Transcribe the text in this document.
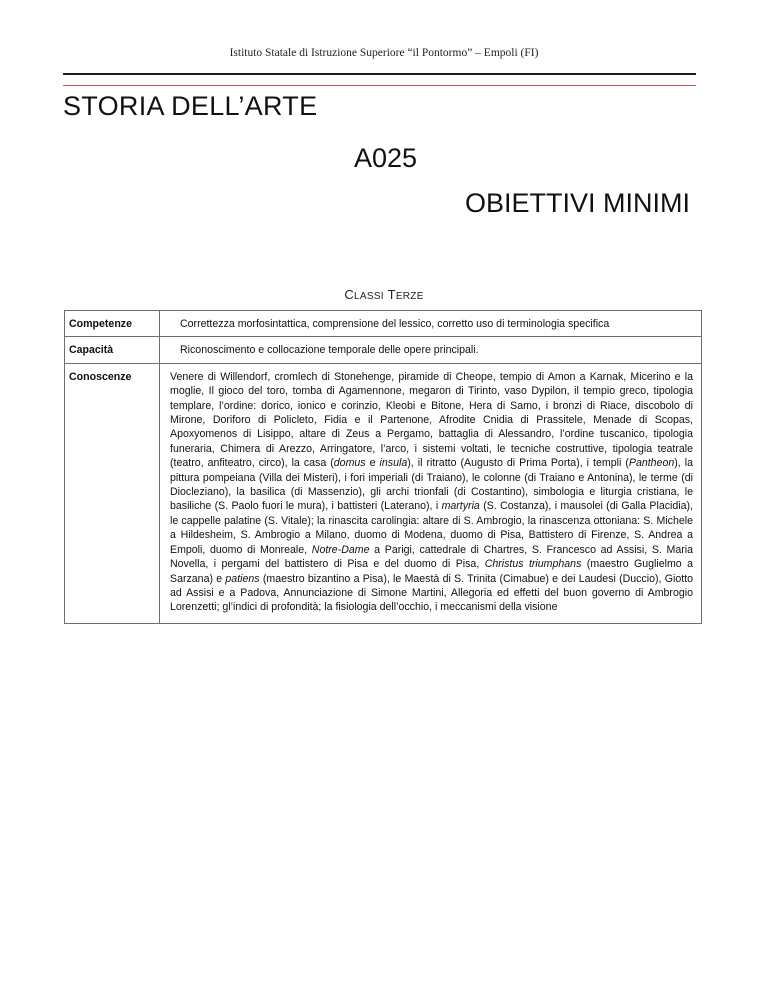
Istituto Statale di Istruzione Superiore “il Pontormo” – Empoli (FI)
STORIA DELL’ARTE
A025
OBIETTIVI MINIMI
CLASSI TERZE
Competenze	Correttezza morfosintattica, comprensione del lessico, corretto uso di terminologia specifica
Capacità	Riconoscimento e collocazione temporale delle opere principali.
Conoscenze	Venere di Willendorf, cromlech di Stonehenge, piramide di Cheope, tempio di Amon a Karnak, Micerino e la moglie, Il gioco del toro, tomba di Agamennone, megaron di Tirinto, vaso Dypilon, il tempio greco, tipologia templare, l’ordine: dorico, ionico e corinzio, Kleobi e Bitone, Hera di Samo, i bronzi di Riace, discobolo di Mirone, Doriforo di Policleto, Fidia e il Partenone, Afrodite Cnidia di Prassitele, Menade di Scopas, Apoxyomenos di Lisippo, altare di Zeus a Pergamo, battaglia di Alessandro, l’ordine tuscanico, tipologia funeraria, Chimera di Arezzo, Arringatore, l’arco, i sistemi voltati, le tecniche costruttive, tipologia teatrale (teatro, anfiteatro, circo), la casa (domus e insula), il ritratto (Augusto di Prima Porta), i templi (Pantheon), la pittura pompeiana (Villa dei Misteri), i fori imperiali (di Traiano), le colonne (di Traiano e Antonina), le terme (di Diocleziano), la basilica (di Massenzio), gli archi trionfali (di Costantino), simbologia e liturgia cristiana, le basiliche (S. Paolo fuori le mura), i battisteri (Laterano), i martyria (S. Costanza), i mausolei (di Galla Placidia), le cappelle palatine (S. Vitale); la rinascita carolingia: altare di S. Ambrogio, la rinascenza ottoniana: S. Michele a Hildesheim, S. Ambrogio a Milano, duomo di Modena, duomo di Pisa, Battistero di Firenze, S. Andrea a Empoli, duomo di Monreale, Notre-Dame a Parigi, cattedrale di Chartres, S. Francesco ad Assisi, S. Maria Novella, i pergami del battistero di Pisa e del duomo di Pisa, Christus triumphans (maestro Guglielmo a Sarzana) e patiens (maestro bizantino a Pisa), le Maestà di S. Trinita (Cimabue) e dei Laudesi (Duccio), Giotto ad Assisi e a Padova, Annunciazione di Simone Martini, Allegoria ed effetti del buon governo di Ambrogio Lorenzetti; gl’indici di profondità; la fisiologia dell’occhio, i meccanismi della visione
